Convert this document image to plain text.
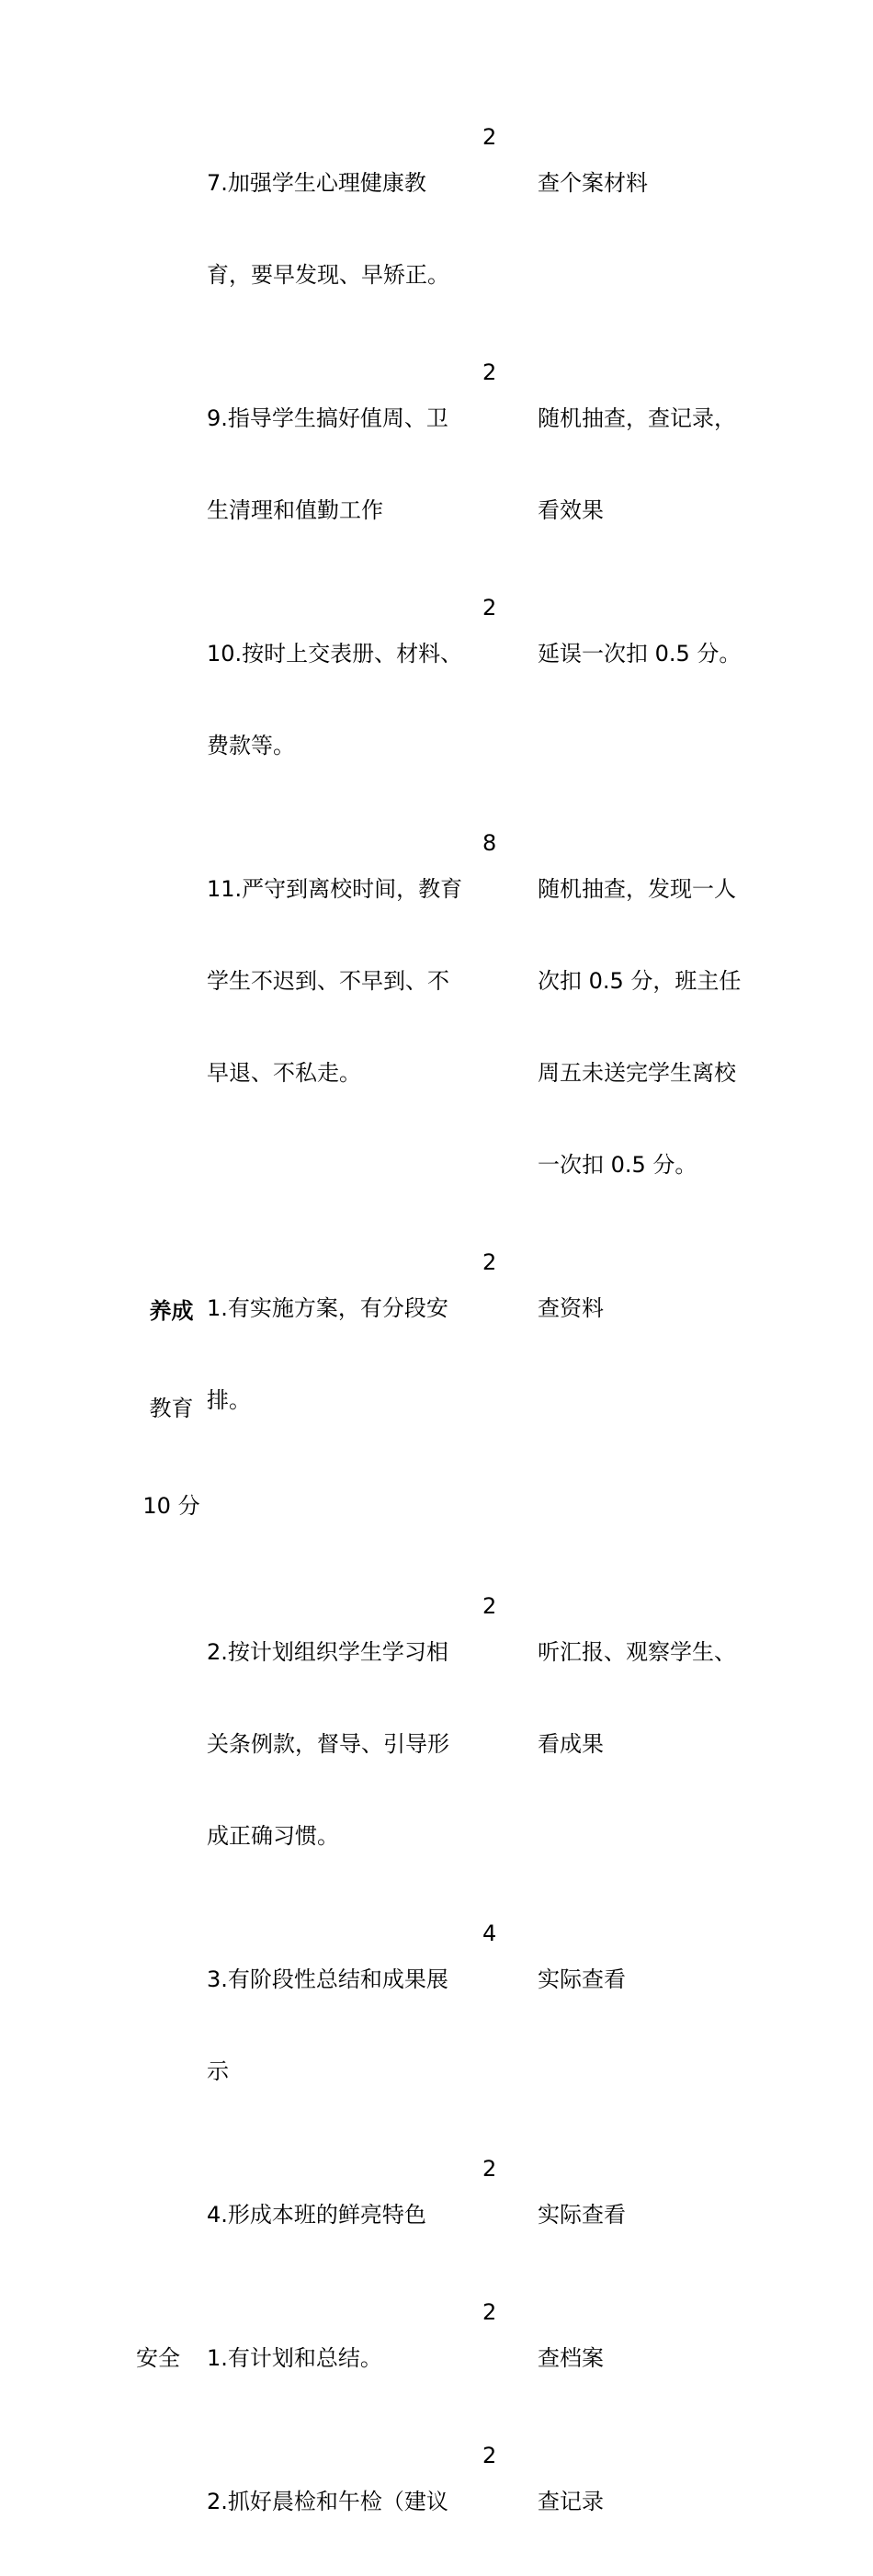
7.加强学生心理健康教

育，要早发现、早矫正。

2

查个案材料

9.指导学生搞好值周、卫

生清理和值勤工作

2

随机抽查，查记录，

看效果

10.按时上交表册、材料、

费款等。

2

延误一次扣 0.5 分。

11.严守到离校时间，教育

学生不迟到、不早到、不

早退、不私走。

8

随机抽查，发现一人

次扣 0.5 分，班主任

周五未送完学生离校

一次扣 0.5 分。

养成

教育

10 分

1.有实施方案，有分段安

排。

2

查资料

2.按计划组织学生学习相

关条例款，督导、引导形

成正确习惯。

2

听汇报、观察学生、

看成果

3.有阶段性总结和成果展

示

4

实际查看

4.形成本班的鲜亮特色

2

实际查看

安全	1.有计划和总结。

2

查档案

2.抓好晨检和午检（建议

2

查记录
